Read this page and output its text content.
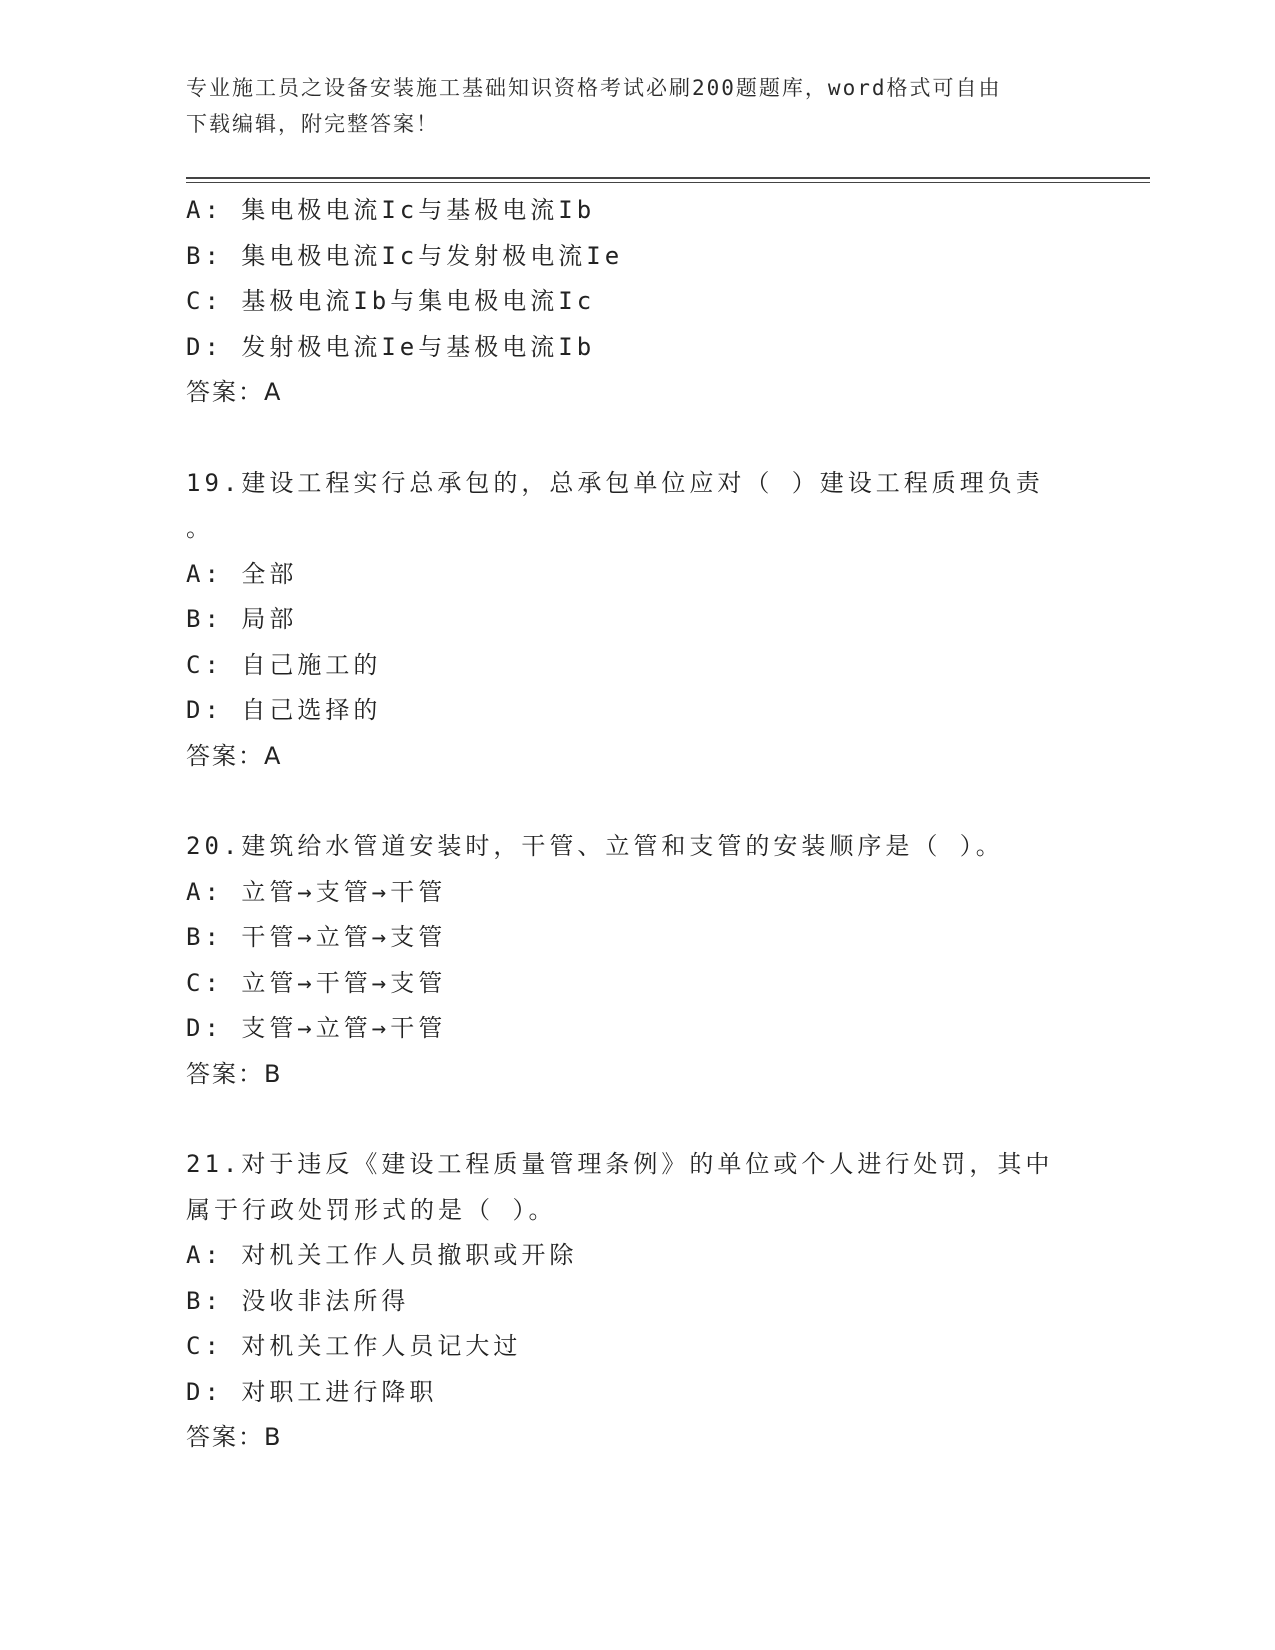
专业施工员之设备安装施工基础知识资格考试必刷200题题库，word格式可自由
下载编辑，附完整答案！
A: 集电极电流Ic与基极电流Ib
B: 集电极电流Ic与发射极电流Ie
C: 基极电流Ib与集电极电流Ic
D: 发射极电流Ie与基极电流Ib
答案：A
19.建设工程实行总承包的，总承包单位应对（ ）建设工程质理负责
。
A: 全部
B: 局部
C: 自己施工的
D: 自己选择的
答案：A
20.建筑给水管道安装时，干管、立管和支管的安装顺序是（ ）。
A: 立管→支管→干管
B: 干管→立管→支管
C: 立管→干管→支管
D: 支管→立管→干管
答案：B
21.对于违反《建设工程质量管理条例》的单位或个人进行处罚，其中
属于行政处罚形式的是（ ）。
A: 对机关工作人员撤职或开除
B: 没收非法所得
C: 对机关工作人员记大过
D: 对职工进行降职
答案：B
